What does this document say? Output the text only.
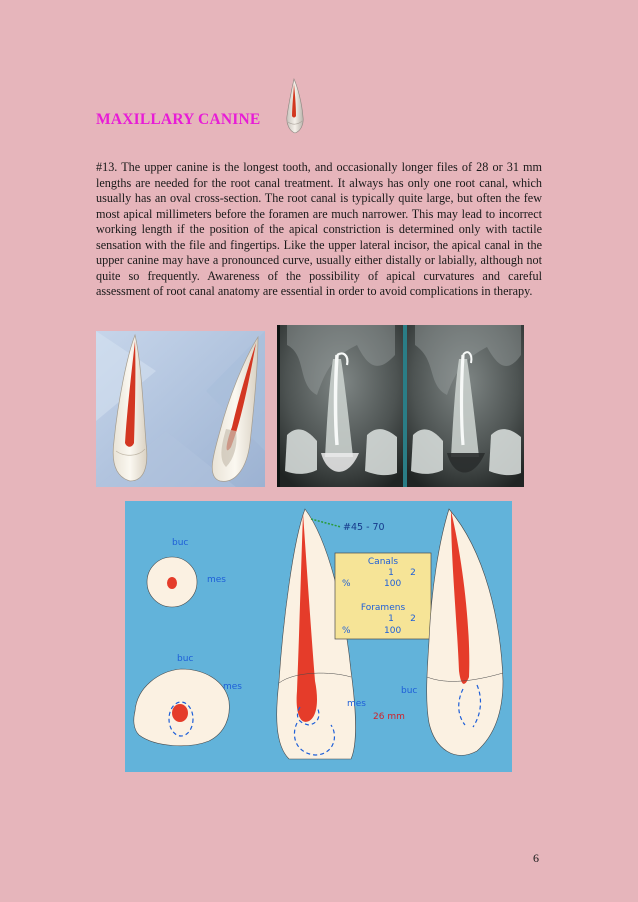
MAXILLARY CANINE
#13. The upper canine is the longest tooth, and occasionally longer files of 28 or 31 mm lengths are needed for the root canal treatment. It always has only one root canal, which usually has an oval cross-section. The root canal is typically quite large, but often the few most apical millimeters before the foramen are much narrower. This may lead to incorrect working length if the position of the apical constriction is determined only with tactile sensation with the file and fingertips. Like the upper lateral incisor, the apical canal in the upper canine may have a pronounced curve, usually either distally or labially, although not quite so frequently. Awareness of the possibility of apical curvatures and careful assessment of root canal anatomy are essential in order to avoid complications in therapy.
buc
mes
buc
mes
#45 - 70
Canals
1 2
%	100
Foramens
1 2
%	100
mes
buc
26 mm
6
